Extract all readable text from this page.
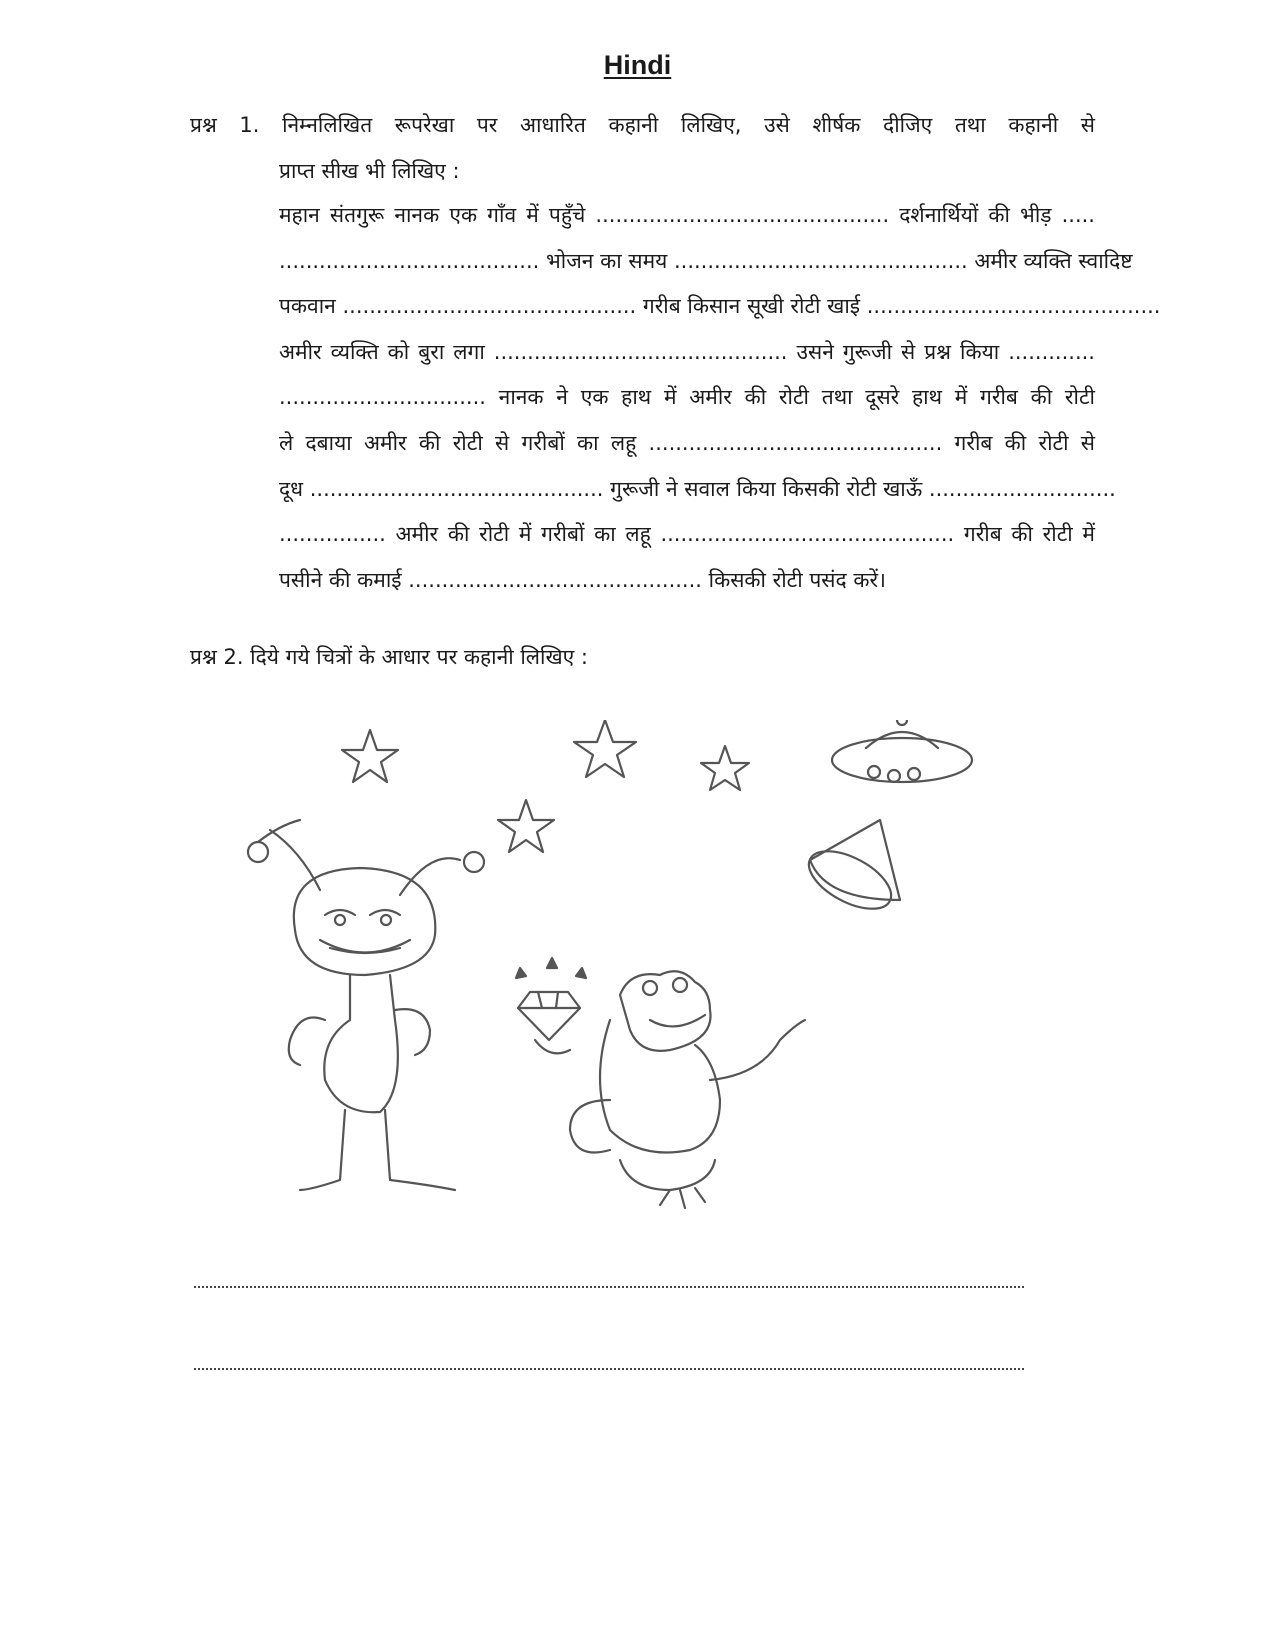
Hindi
प्रश्न 1. निम्नलिखित रूपरेखा पर आधारित कहानी लिखिए, उसे शीर्षक दीजिए तथा कहानी से
प्राप्त सीख भी लिखिए :
महान संतगुरू नानक एक गाँव में पहुँचे ............................................ दर्शनार्थियों की भीड़ .....
....................................... भोजन का समय ............................................ अमीर व्यक्ति स्वादिष्ट
पकवान ............................................ गरीब किसान सूखी रोटी खाई ............................................
अमीर व्यक्ति को बुरा लगा ............................................ उसने गुरूजी से प्रश्न किया .............
............................... नानक ने एक हाथ में अमीर की रोटी तथा दूसरे हाथ में गरीब की रोटी
ले दबाया अमीर की रोटी से गरीबों का लहू ............................................ गरीब की रोटी से
दूध ............................................ गुरूजी ने सवाल किया किसकी रोटी खाऊँ ............................
................ अमीर की रोटी में गरीबों का लहू ............................................ गरीब की रोटी में
पसीने की कमाई ............................................ किसकी रोटी पसंद करें।
प्रश्न 2. दिये गये चित्रों के आधार पर कहानी लिखिए :
